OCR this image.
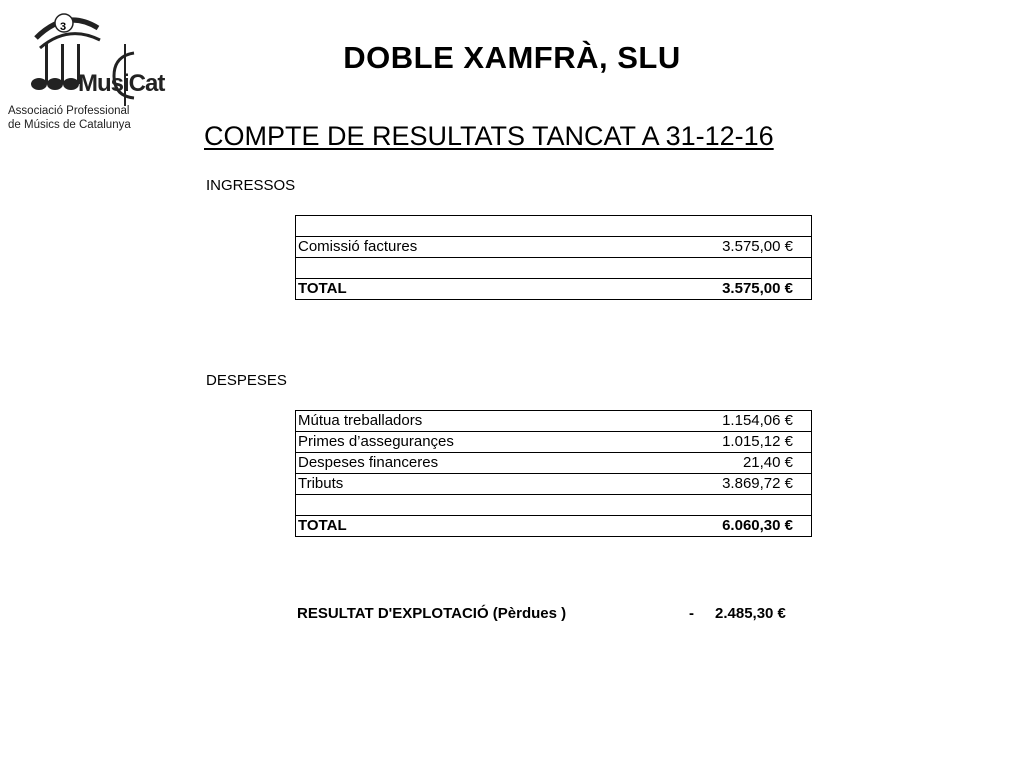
3
MusiCat
Associació Professional
de Músics de Catalunya
DOBLE XAMFRÀ, SLU
COMPTE DE RESULTATS TANCAT A 31-12-16
INGRESSOS

Comissió factures	3.575,00 €

TOTAL	3.575,00 €
DESPESES
Mútua treballadors	1.154,06 €
Primes d’assegurançes	1.015,12 €
Despeses financeres	21,40 €
Tributs	3.869,72 €

TOTAL	6.060,30 €
RESULTAT D'EXPLOTACIÓ (Pèrdues )	- 2.485,30 €
